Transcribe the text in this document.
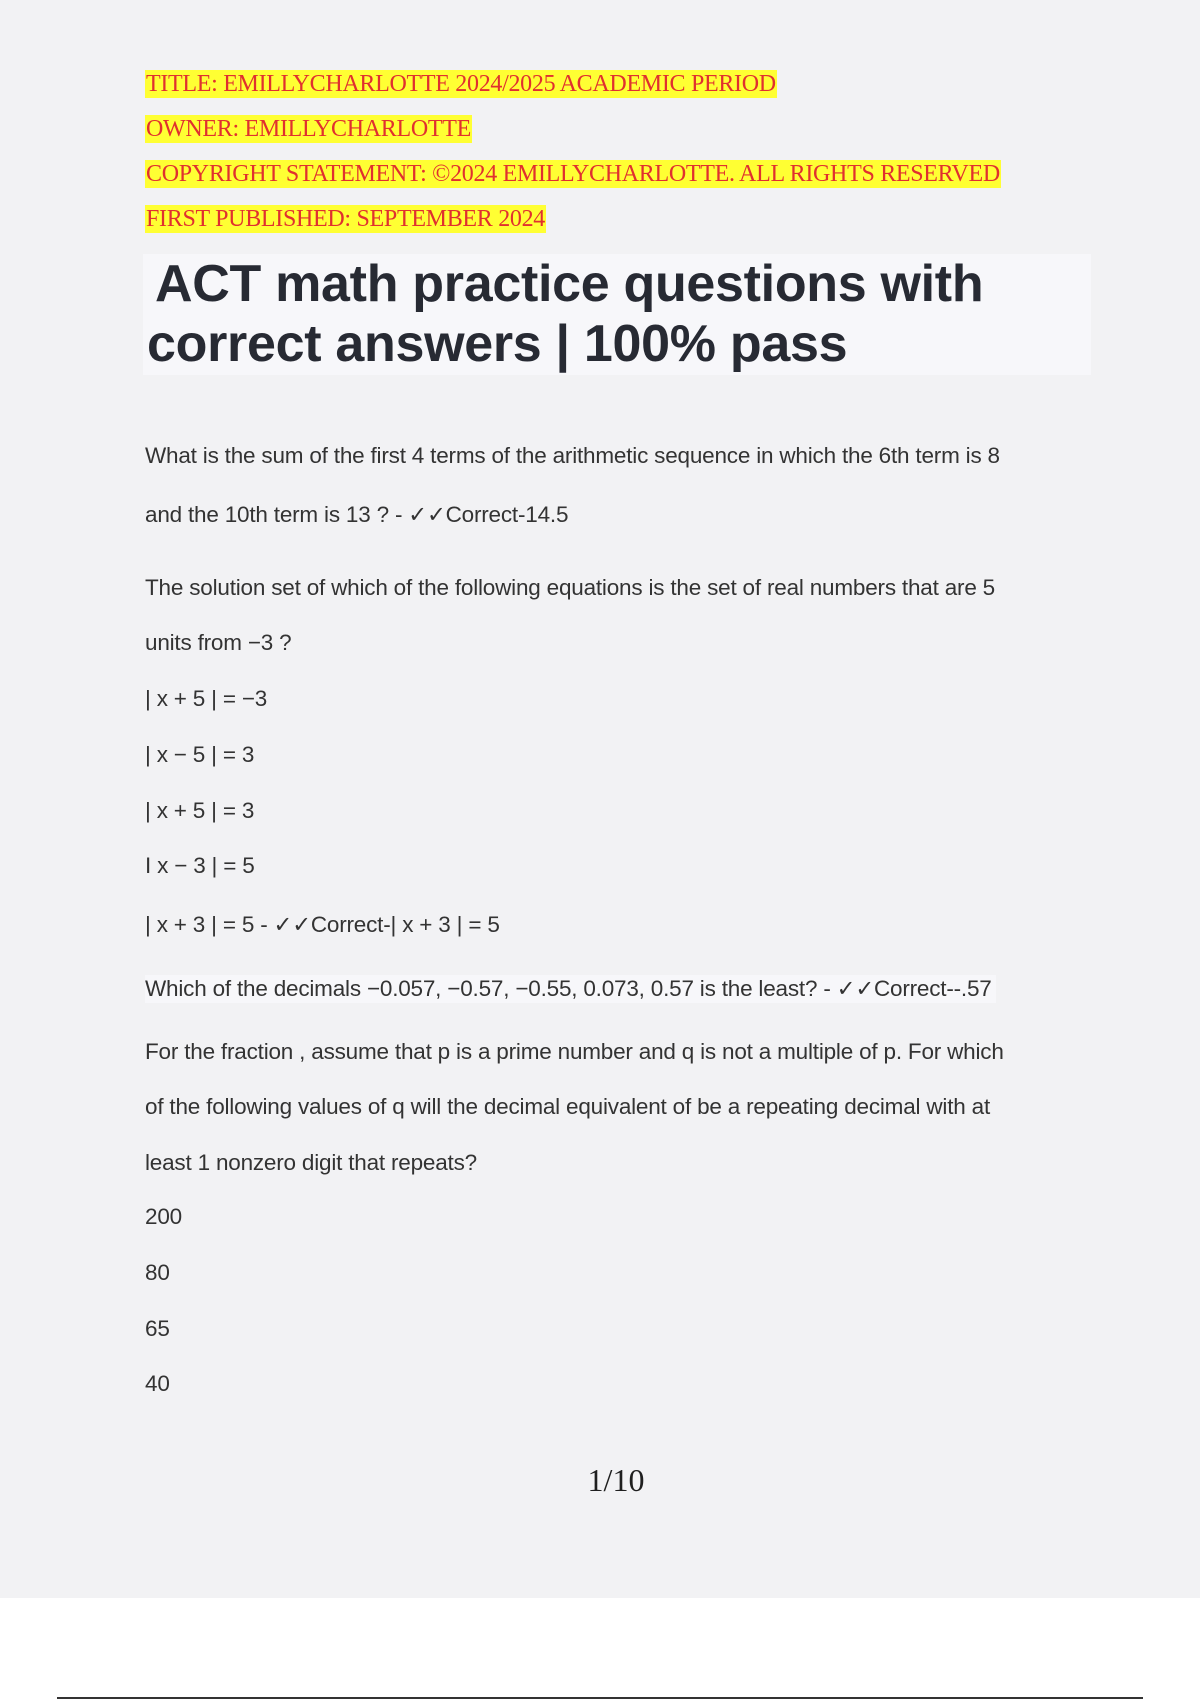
TITLE: EMILLYCHARLOTTE 2024/2025 ACADEMIC PERIOD
OWNER: EMILLYCHARLOTTE
COPYRIGHT STATEMENT: ©2024 EMILLYCHARLOTTE. ALL RIGHTS RESERVED
FIRST PUBLISHED: SEPTEMBER 2024
ACT math practice questions with
correct answers | 100% pass
What is the sum of the first 4 terms of the arithmetic sequence in which the 6th term is 8
and the 10th term is 13 ? - ✓✓Correct-14.5
The solution set of which of the following equations is the set of real numbers that are 5
units from −3 ?
| x + 5 | = −3
| x − 5 | = 3
| x + 5 | = 3
I x − 3 | = 5
| x + 3 | = 5 - ✓✓Correct-| x + 3 | = 5
Which of the decimals −0.057, −0.57, −0.55, 0.073, 0.57 is the least? - ✓✓Correct--.57
For the fraction , assume that p is a prime number and q is not a multiple of p. For which
of the following values of q will the decimal equivalent of be a repeating decimal with at
least 1 nonzero digit that repeats?
200
80
65
40
1/10
